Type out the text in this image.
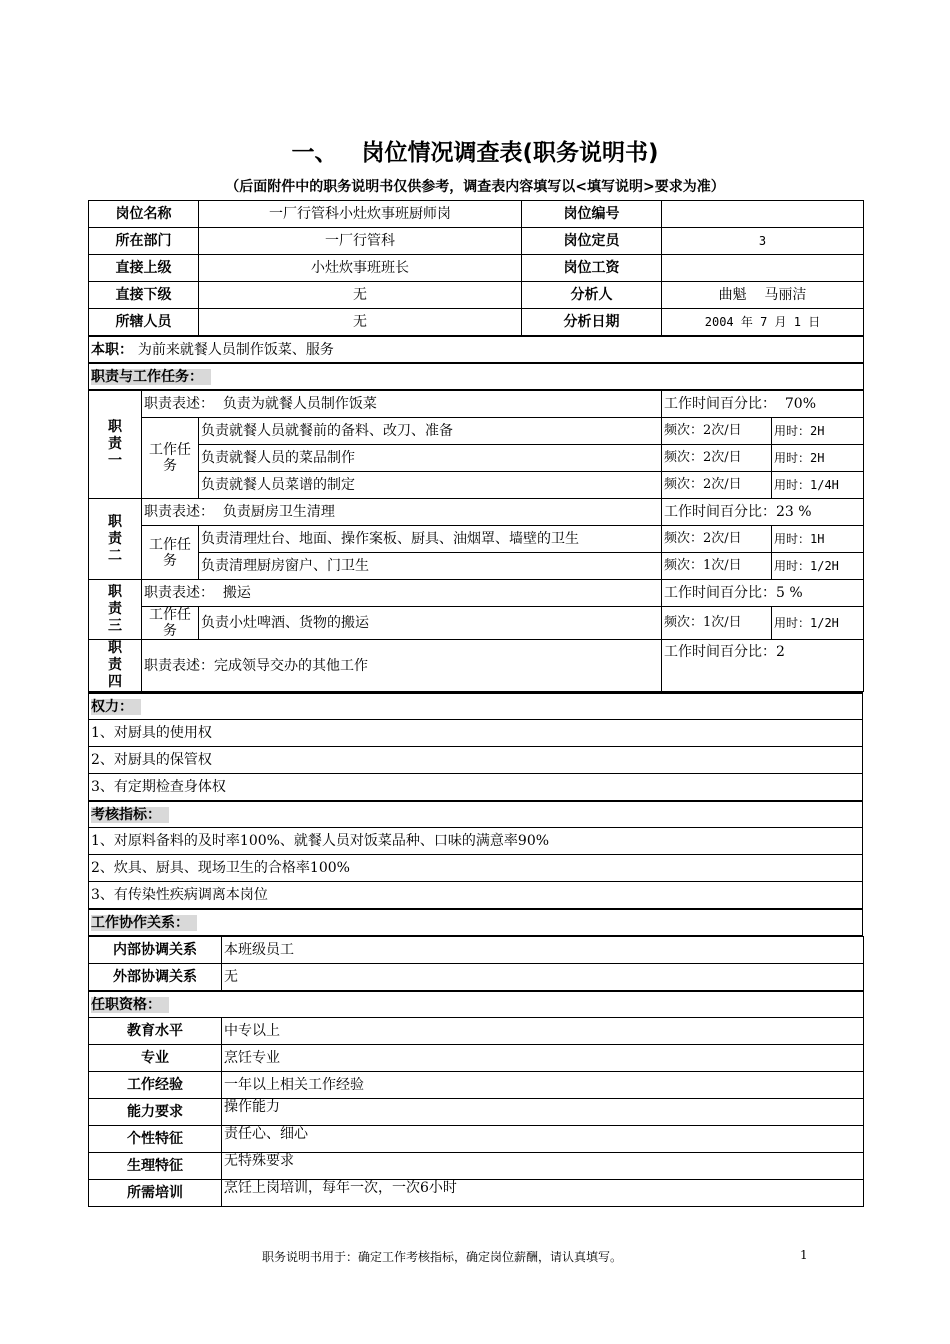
一、 岗位情况调查表(职务说明书)
（后面附件中的职务说明书仅供参考，调查表内容填写以<填写说明>要求为准）
岗位名称	一厂行管科小灶炊事班厨师岗	岗位编号	
所在部门	一厂行管科	岗位定员	3
直接上级	小灶炊事班班长	岗位工资	
直接下级	无	分析人	曲魁    马丽洁
所辖人员	无	分析日期	2004 年 7 月 1 日
本职： 为前来就餐人员制作饭菜、服务			
职责与工作任务：			
职
责
一	职责表述：  负责为就餐人员制作饭菜		工作时间百分比：  70%	
	工作任务	负责就餐人员就餐前的备料、改刀、准备	频次：2次/日	用时：2H
		负责就餐人员的菜品制作	频次：2次/日	用时：2H
		负责就餐人员菜谱的制定	频次：2次/日	用时：1/4H
职
责
二	职责表述：  负责厨房卫生清理		工作时间百分比：23 %	
	工作任务	负责清理灶台、地面、操作案板、厨具、油烟罩、墙壁的卫生	频次：2次/日	用时：1H
		负责清理厨房窗户、门卫生	频次：1次/日	用时：1/2H
职
责
三	职责表述：  搬运		工作时间百分比：5 %	
	工作任务	负责小灶啤酒、货物的搬运	频次：1次/日	用时：1/2H
职
责
四	职责表述：完成领导交办的其他工作		工作时间百分比：2	
权力：
1、对厨具的使用权
2、对厨具的保管权
3、有定期检查身体权
考核指标：
1、对原料备料的及时率100%、就餐人员对饭菜品种、口味的满意率90%
2、炊具、厨具、现场卫生的合格率100%
3、有传染性疾病调离本岗位
工作协作关系：
内部协调关系	本班级员工
外部协调关系	无
任职资格：	
教育水平	中专以上
专业	烹饪专业
工作经验	一年以上相关工作经验
能力要求	操作能力
个性特征	责任心、细心
生理特征	无特殊要求
所需培训	烹饪上岗培训，每年一次，一次6小时
职务说明书用于：确定工作考核指标，确定岗位薪酬，请认真填写。	1
